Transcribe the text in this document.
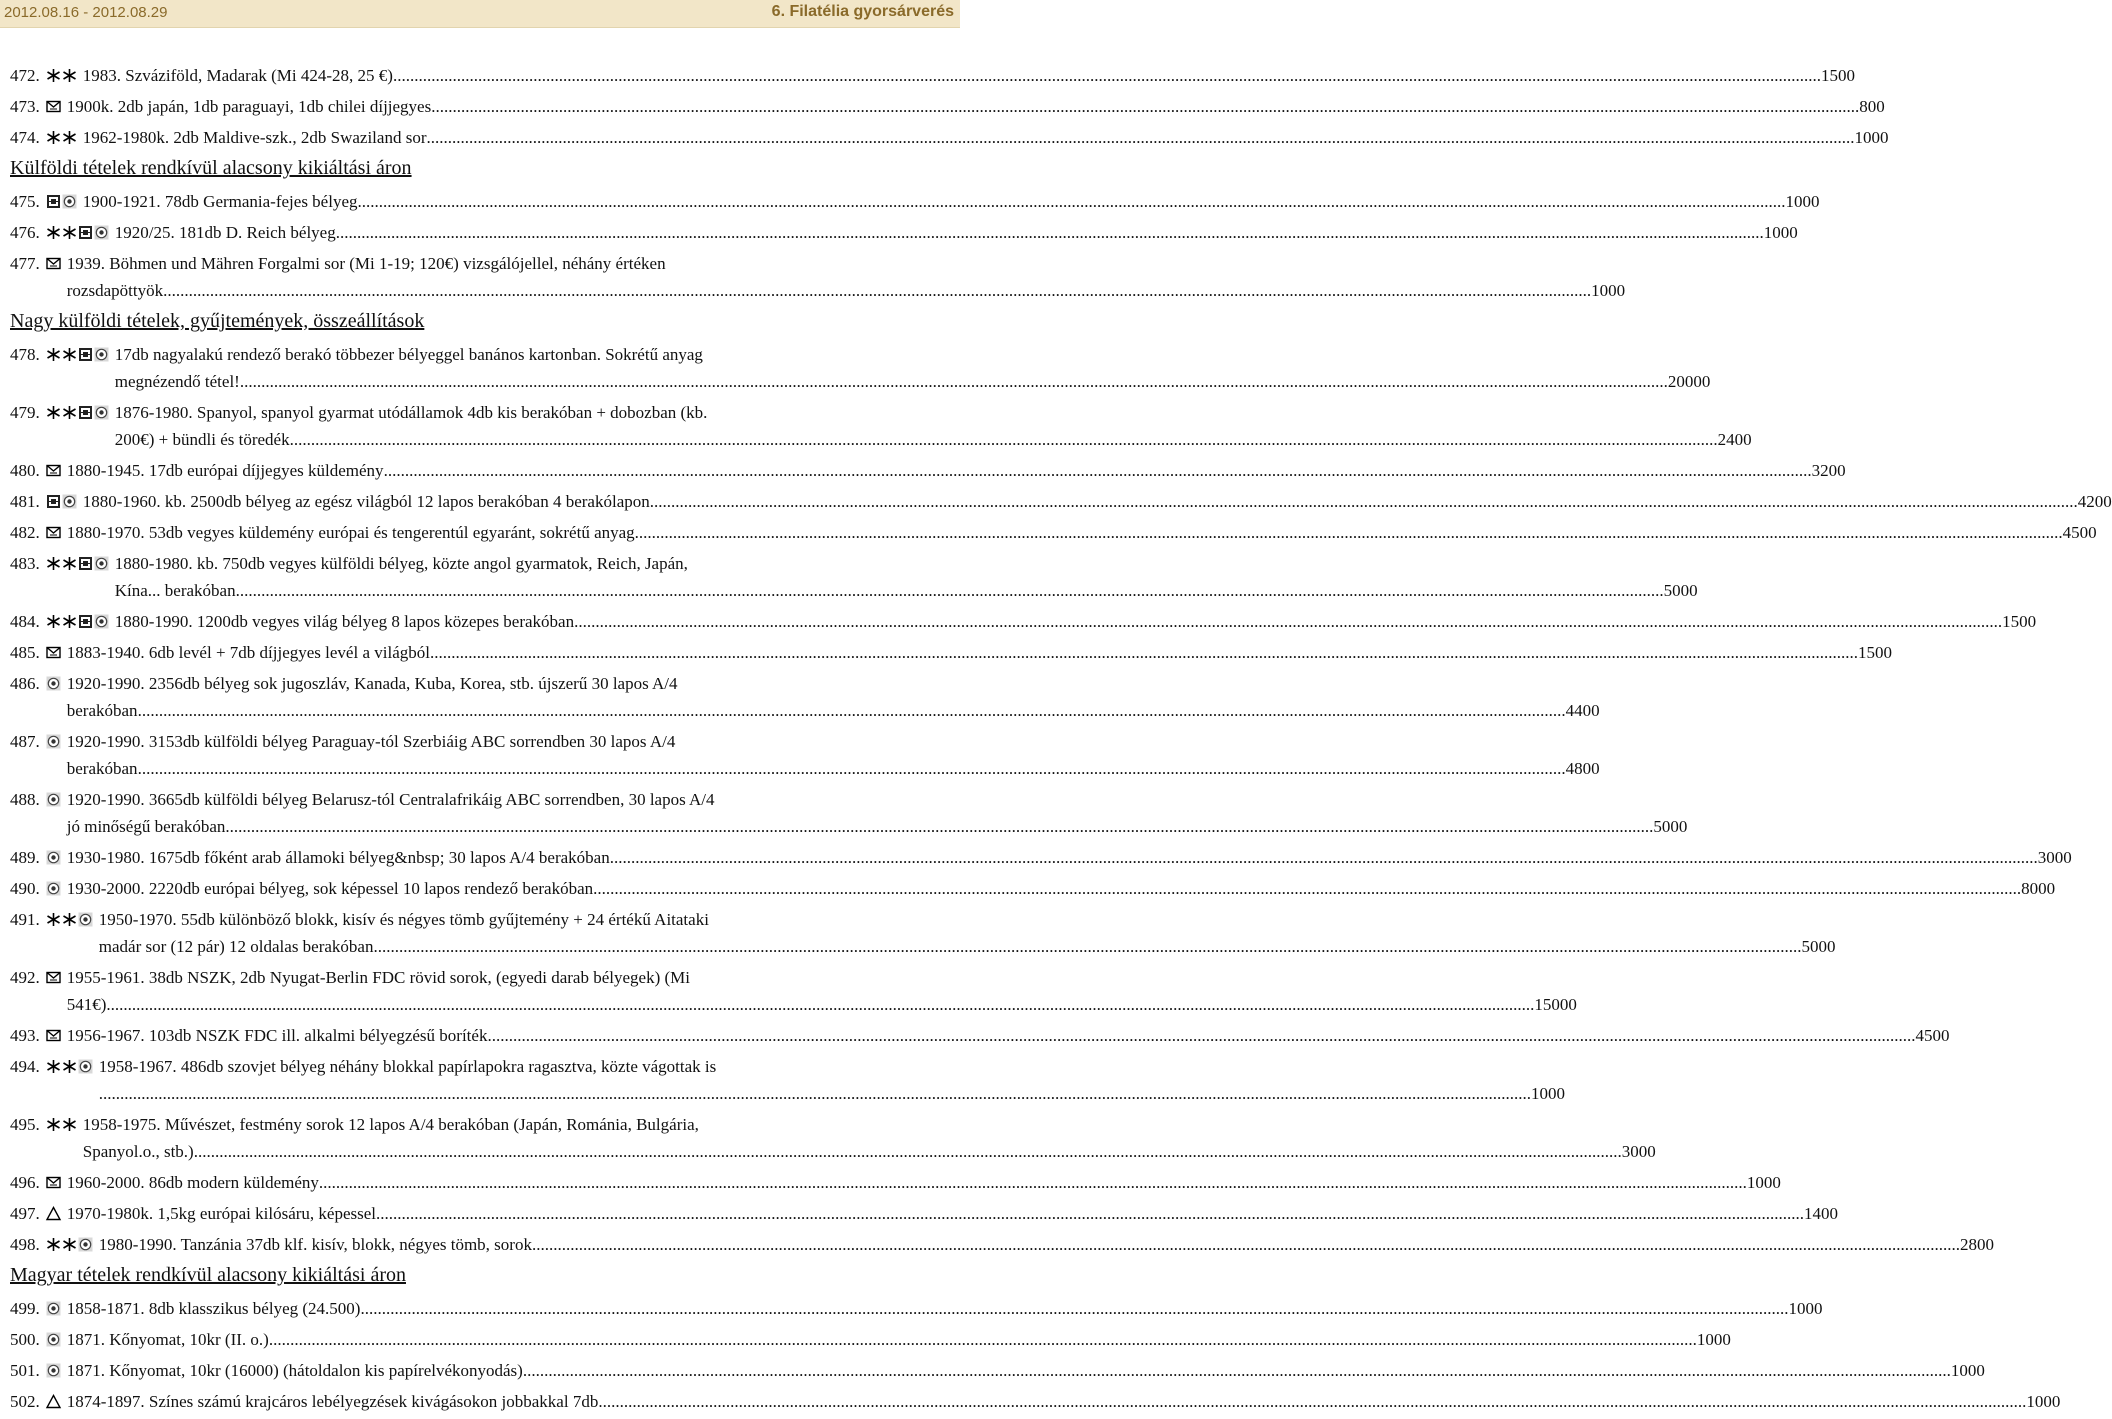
2012.08.16 - 2012.08.29	6. Filatélia gyorsárverés
472.	1983. Szváziföld, Madarak (Mi 424-28, 25 €) .....	1500
473. 1900k. 2db japán, 1db paraguayi, 1db chilei díjjegyes .....	800
474.	1962-1980k. 2db Maldive-szk., 2db Swaziland sor .....	1000
Külföldi tételek rendkívül alacsony kikiáltási áron
475.	1900-1921. 78db Germania-fejes bélyeg .....	1000
476.	1920/25. 181db D. Reich bélyeg .....	1000
477. 1939. Böhmen und Mähren Forgalmi sor (Mi 1-19; 120€) vizsgálójellel, néhány értéken
rozsdapöttyök .....	1000
Nagy külföldi tételek, gyűjtemények, összeállítások
478.	17db nagyalakú rendező berakó többezer bélyeggel banános kartonban. Sokrétű anyag
megnézendő tétel! .....	20000
479.	1876-1980. Spanyol, spanyol gyarmat utódállamok 4db kis berakóban + dobozban (kb.
200€) + bündli és töredék .....	2400
480. 1880-1945. 17db európai díjjegyes küldemény .....	3200
481.	1880-1960. kb. 2500db bélyeg az egész világból 12 lapos berakóban 4 berakólapon .....	4200
482. 1880-1970. 53db vegyes küldemény európai és tengerentúl egyaránt, sokrétű anyag .....	4500
483.	1880-1980. kb. 750db vegyes külföldi bélyeg, közte angol gyarmatok, Reich, Japán,
Kína... berakóban .....	5000
484.	1880-1990. 1200db vegyes világ bélyeg 8 lapos közepes berakóban .....	1500
485. 1883-1940. 6db levél + 7db díjjegyes levél a világból .....	1500
486. 1920-1990. 2356db bélyeg sok jugoszláv, Kanada, Kuba, Korea, stb. újszerű 30 lapos A/4
berakóban .....	4400
487. 1920-1990. 3153db külföldi bélyeg Paraguay-tól Szerbiáig ABC sorrendben 30 lapos A/4
berakóban .....	4800
488. 1920-1990. 3665db külföldi bélyeg Belarusz-tól Centralafrikáig ABC sorrendben, 30 lapos A/4
jó minőségű berakóban .....	5000
489. 1930-1980. 1675db főként arab államoki bélyeg&nbsp; 30 lapos A/4 berakóban .....	3000
490. 1930-2000. 2220db európai bélyeg, sok képessel 10 lapos rendező berakóban .....	8000
491.	1950-1970. 55db különböző blokk, kisív és négyes tömb gyűjtemény + 24 értékű Aitataki
madár sor (12 pár) 12 oldalas berakóban .....	5000
492. 1955-1961. 38db NSZK, 2db Nyugat-Berlin FDC rövid sorok, (egyedi darab bélyegek) (Mi
541€) .....	15000
493. 1956-1967. 103db NSZK FDC ill. alkalmi bélyegzésű boríték .....	4500
494.	1958-1967. 486db szovjet bélyeg néhány blokkal papírlapokra ragasztva, közte vágottak is
. .....	1000
495.	1958-1975. Művészet, festmény sorok 12 lapos A/4 berakóban (Japán, Románia, Bulgária,
Spanyol.o., stb.) .....	3000
496. 1960-2000. 86db modern küldemény .....	1000
497. 1970-1980k. 1,5kg európai kilósáru, képessel .....	1400
498.	1980-1990. Tanzánia 37db klf. kisív, blokk, négyes tömb, sorok .....	2800
Magyar tételek rendkívül alacsony kikiáltási áron
499. 1858-1871. 8db klasszikus bélyeg (24.500) .....	1000
500. 1871. Kőnyomat, 10kr (II. o.) .....	1000
501. 1871. Kőnyomat, 10kr (16000) (hátoldalon kis papírelvékonyodás) .....	1000
502. 1874-1897. Színes számú krajcáros lebélyegzések kivágásokon jobbakkal 7db .....	1000
